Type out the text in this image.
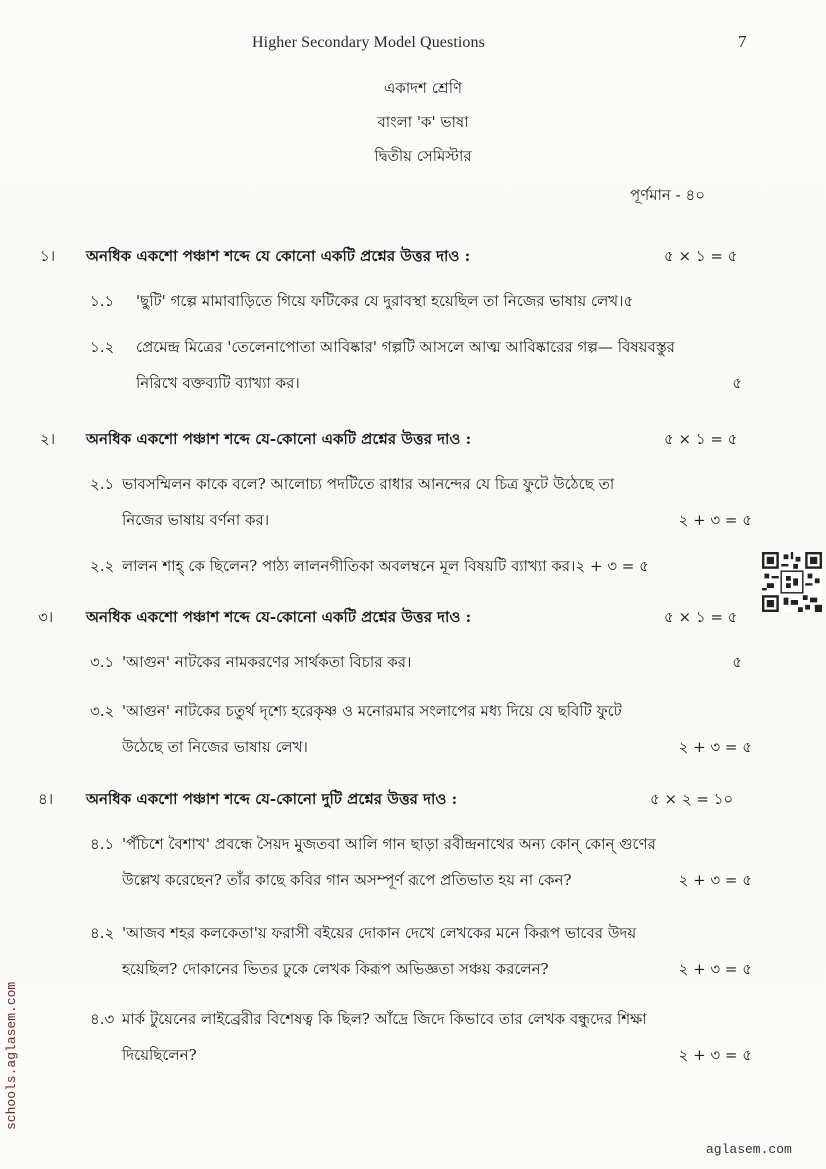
Higher Secondary Model Questions	7
একাদশ শ্রেণি
বাংলা 'ক' ভাষা
দ্বিতীয় সেমিস্টার
পূর্ণমান - ৪০
১। অনধিক একশো পঞ্চাশ শব্দে যে কোনো একটি প্রশ্নের উত্তর দাও :	৫ × ১ = ৫
১.১ 'ছুটি' গল্পে মামাবাড়িতে গিয়ে ফটিকের যে দুরাবস্থা হয়েছিল তা নিজের ভাষায় লেখ।৫
১.২ প্রেমেন্দ্র মিত্রের 'তেলেনাপোতা আবিষ্কার' গল্পটি আসলে আত্ম আবিষ্কারের গল্প— বিষয়বস্তুর
নিরিখে বক্তব্যটি ব্যাখ্যা কর।	৫
২। অনধিক একশো পঞ্চাশ শব্দে যে-কোনো একটি প্রশ্নের উত্তর দাও :	৫ × ১ = ৫
২.১ ভাবসম্মিলন কাকে বলে? আলোচ্য পদটিতে রাধার আনন্দের যে চিত্র ফুটে উঠেছে তা
নিজের ভাষায় বর্ণনা কর।	২ + ৩ = ৫
২.২ লালন শাহ্ কে ছিলেন? পাঠ্য লালনগীতিকা অবলম্বনে মূল বিষয়টি ব্যাখ্যা কর।২ + ৩ = ৫
৩। অনধিক একশো পঞ্চাশ শব্দে যে-কোনো একটি প্রশ্নের উত্তর দাও :	৫ × ১ = ৫
৩.১ 'আগুন' নাটকের নামকরণের সার্থকতা বিচার কর।	৫
৩.২ 'আগুন' নাটকের চতুর্থ দৃশ্যে হরেকৃষ্ণ ও মনোরমার সংলাপের মধ্য দিয়ে যে ছবিটি ফুটে
উঠেছে তা নিজের ভাষায় লেখ।	২ + ৩ = ৫
৪। অনধিক একশো পঞ্চাশ শব্দে যে-কোনো দুটি প্রশ্নের উত্তর দাও :	৫ × ২ = ১০
৪.১ 'পঁচিশে বৈশাখ' প্রবন্ধে সৈয়দ মুজতবা আলি গান ছাড়া রবীন্দ্রনাথের অন্য কোন্ কোন্ গুণের
উল্লেখ করেছেন? তাঁর কাছে কবির গান অসম্পূর্ণ রূপে প্রতিভাত হয় না কেন?	২ + ৩ = ৫
৪.২ 'আজব শহর কলকেতা'য় ফরাসী বইয়ের দোকান দেখে লেখকের মনে কিরূপ ভাবের উদয়
হয়েছিল? দোকানের ভিতর ঢুকে লেখক কিরূপ অভিজ্ঞতা সঞ্চয় করলেন?	২ + ৩ = ৫
৪.৩ মার্ক টুয়েনের লাইব্রেরীর বিশেষত্ব কি ছিল? আঁদ্রে জিদে কিভাবে তার লেখক বন্ধুদের শিক্ষা
দিয়েছিলেন?	২ + ৩ = ৫
schools.aglasem.com
aglasem.com
